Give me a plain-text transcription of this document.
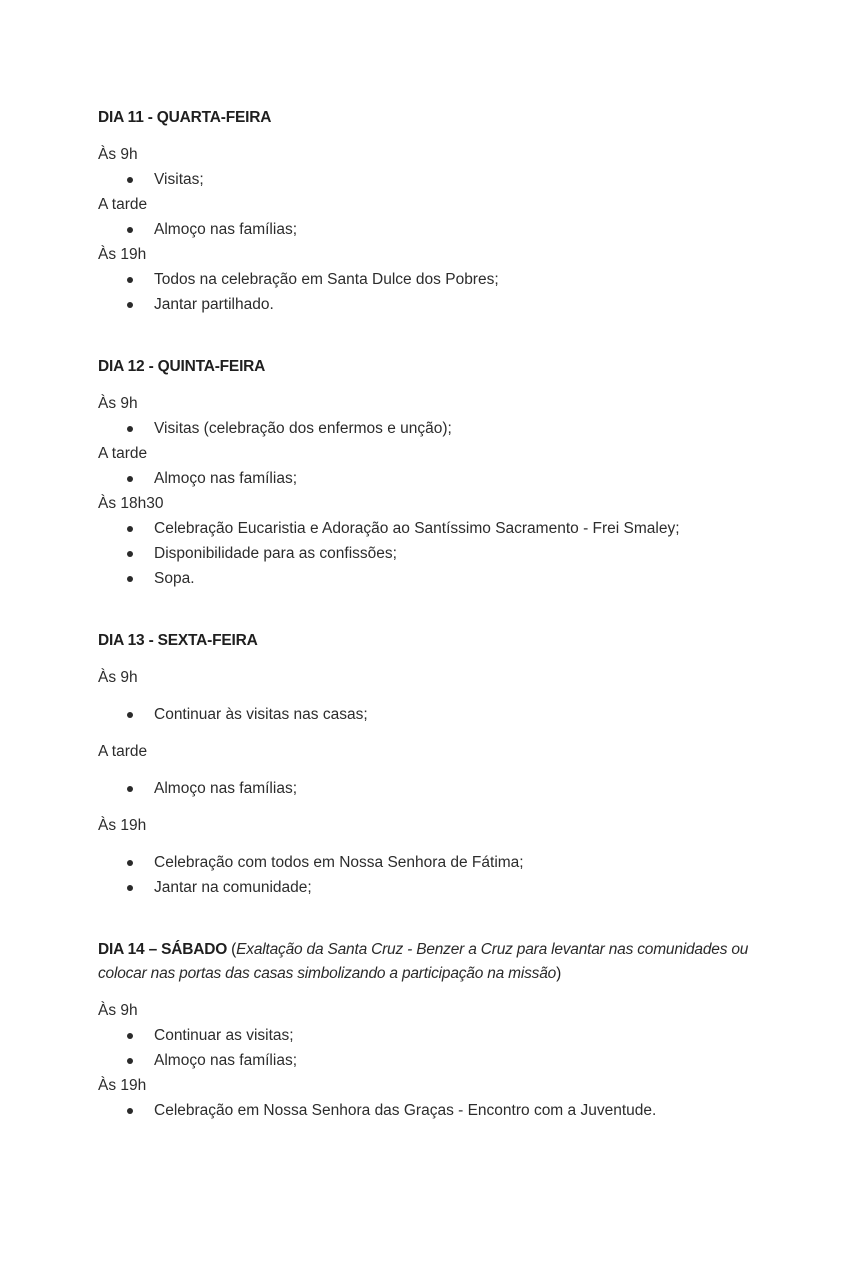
DIA 11 - QUARTA-FEIRA
Às 9h
Visitas;
A tarde
Almoço nas famílias;
Às 19h
Todos na celebração em Santa Dulce dos Pobres;
Jantar partilhado.
DIA 12 - QUINTA-FEIRA
Às 9h
Visitas (celebração dos enfermos e unção);
A tarde
Almoço nas famílias;
Às 18h30
Celebração Eucaristia e Adoração ao Santíssimo Sacramento - Frei Smaley;
Disponibilidade para as confissões;
Sopa.
DIA 13 - SEXTA-FEIRA
Às 9h
Continuar às visitas nas casas;
A tarde
Almoço nas famílias;
Às 19h
Celebração com todos em Nossa Senhora de Fátima;
Jantar na comunidade;
DIA 14 – SÁBADO (Exaltação da Santa Cruz - Benzer a Cruz para levantar nas comunidades ou colocar nas portas das casas simbolizando a participação na missão)
Às 9h
Continuar as visitas;
Almoço nas famílias;
Às 19h
Celebração em Nossa Senhora das Graças - Encontro com a Juventude.
